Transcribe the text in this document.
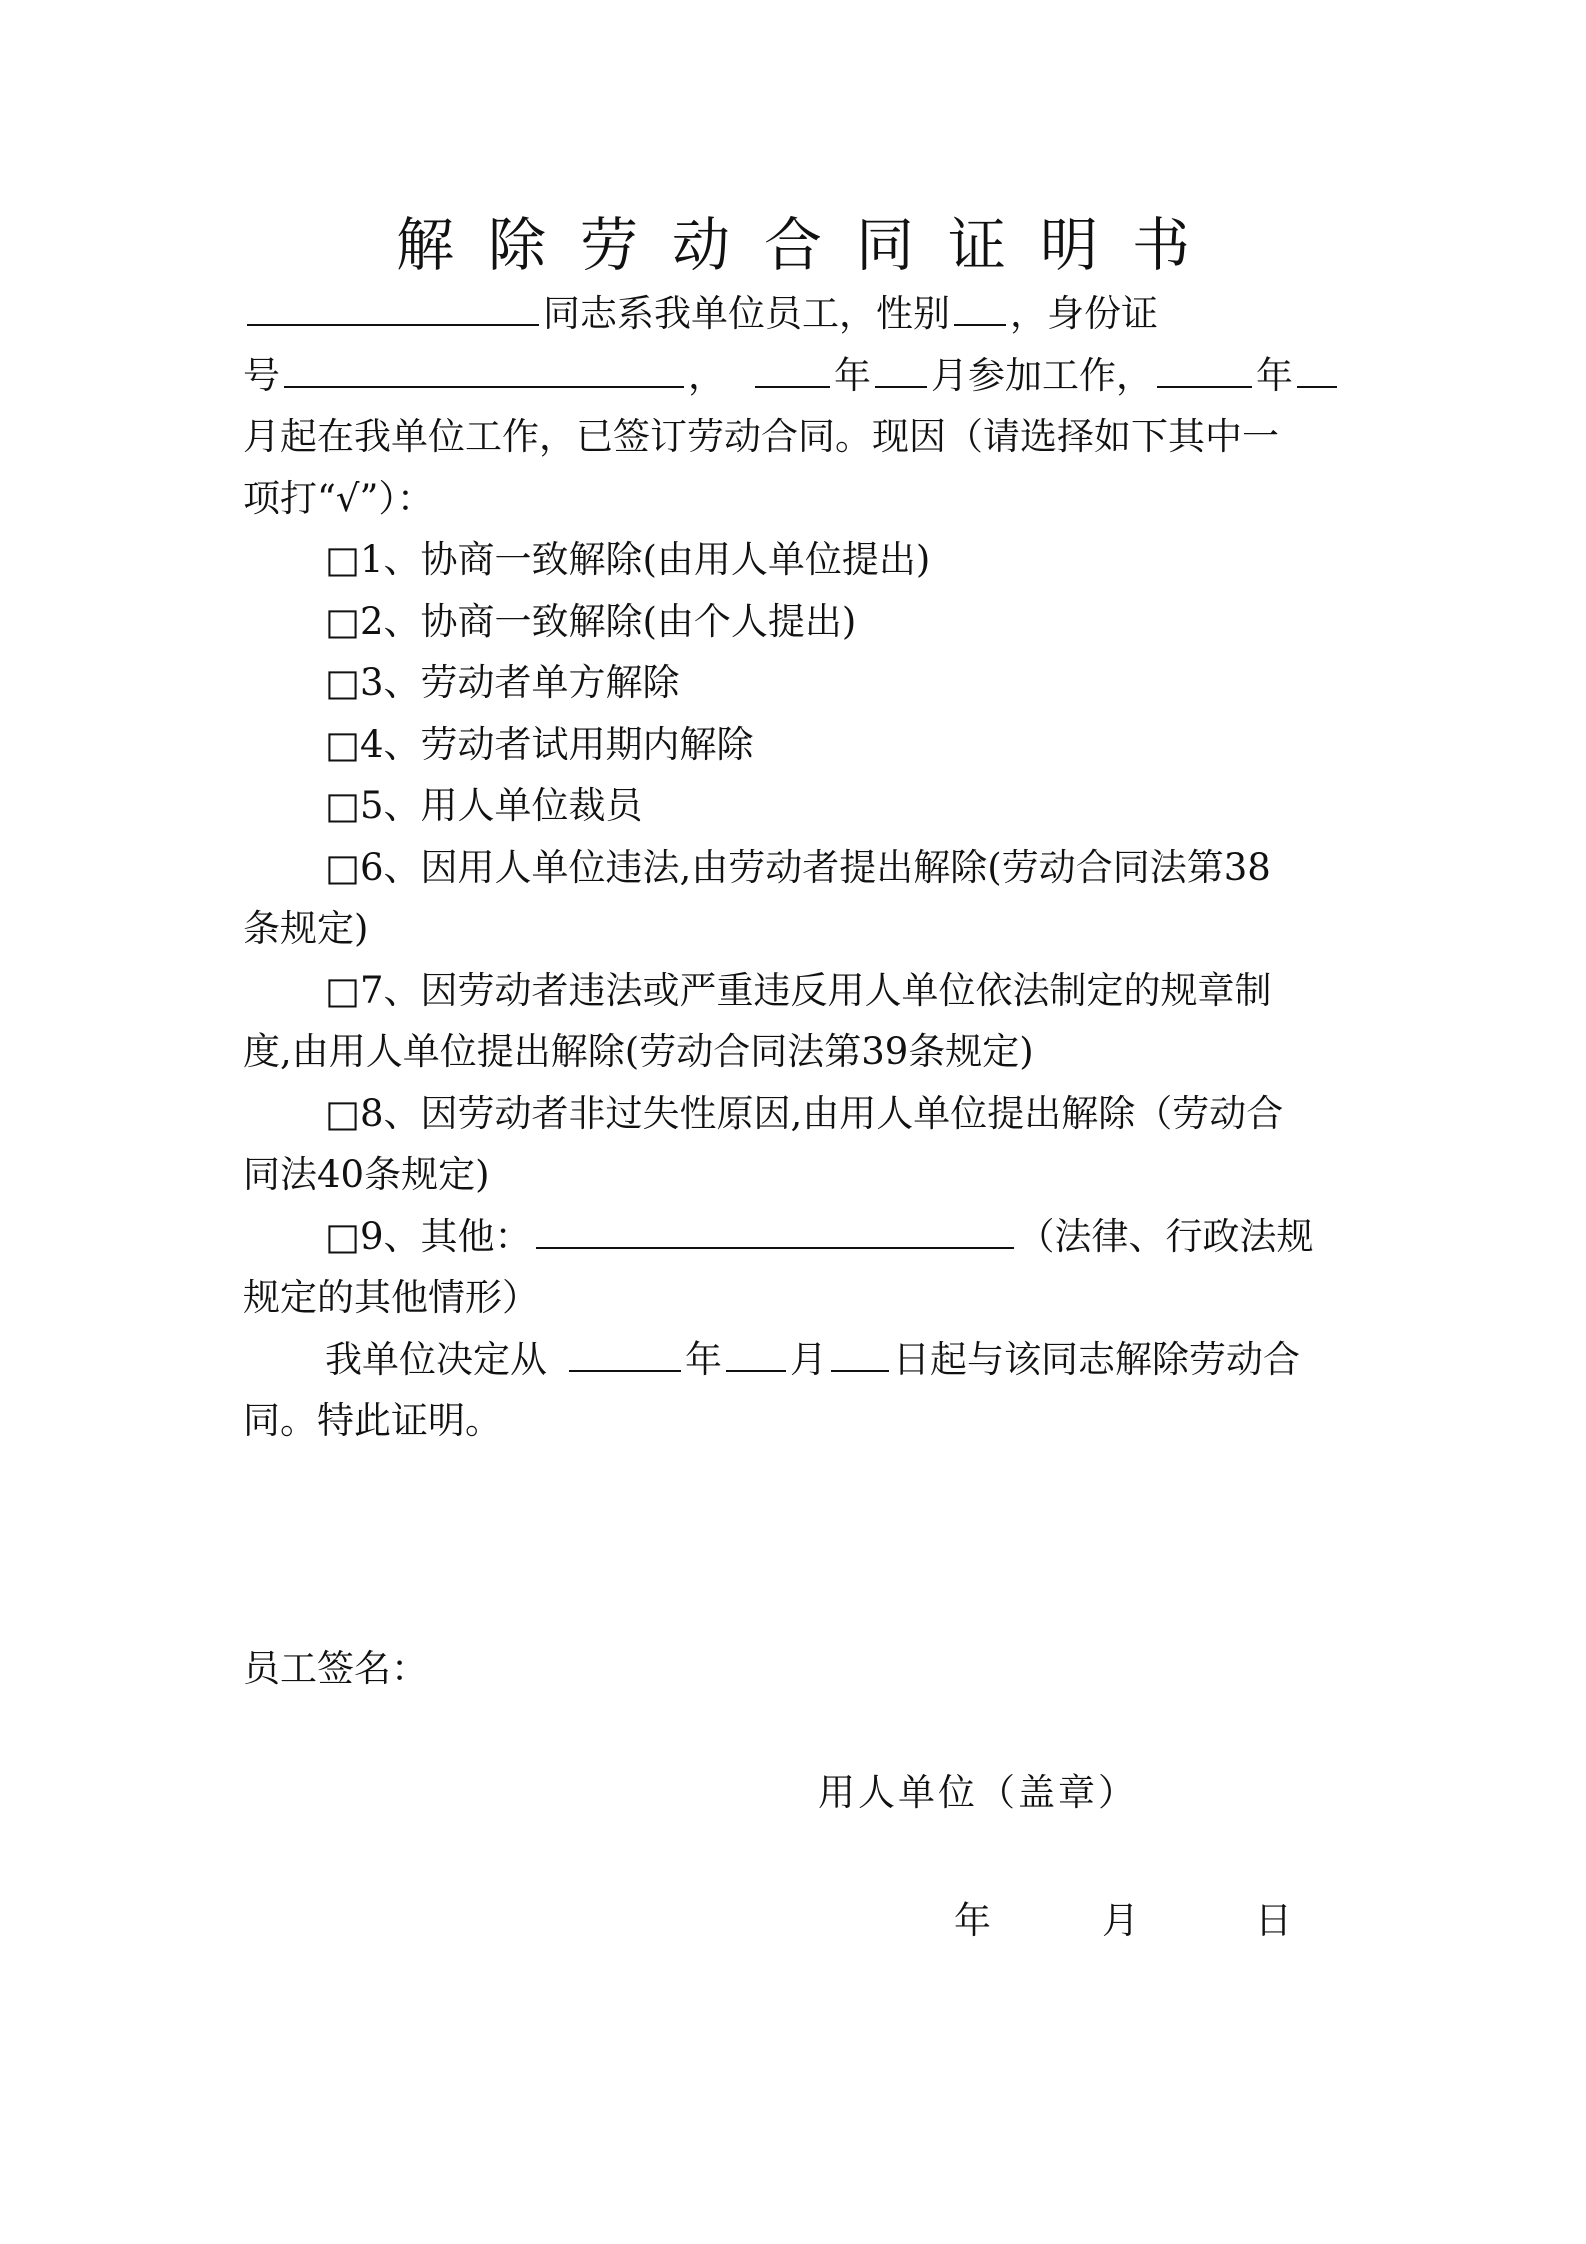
解除劳动合同证明书
同志系我单位员工，性别 ，身份证
号	，	年 月参加工作，	年
月起在我单位工作，已签订劳动合同。现因（请选择如下其中一
项打“√”）：
□1、协商一致解除(由用人单位提出)
□2、协商一致解除(由个人提出)
□3、劳动者单方解除
□4、劳动者试用期内解除
□5、用人单位裁员
□6、因用人单位违法,由劳动者提出解除(劳动合同法第38
条规定)
□7、因劳动者违法或严重违反用人单位依法制定的规章制
度,由用人单位提出解除(劳动合同法第39条规定)
□8、因劳动者非过失性原因,由用人单位提出解除（劳动合
同法40条规定)
□9、其他：	（法律、行政法规
规定的其他情形）
我单位决定从	年 月 日起与该同志解除劳动合
同。特此证明。
员工签名：
用人单位（盖章）
年	月	日
